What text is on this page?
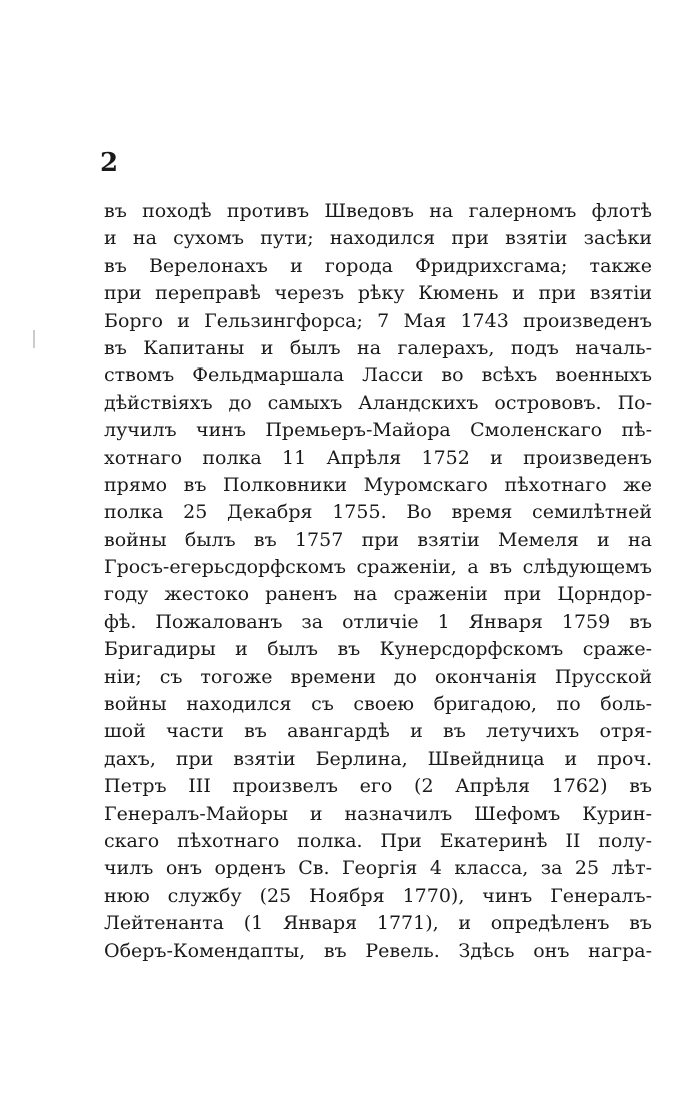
2
въ походѣ противъ Шведовъ на галерномъ флотѣ
и на сухомъ пути; находился при взятіи засѣки
въ Верелонахъ и города Фридрихсгама; также
при переправѣ черезъ рѣку Кюмень и при взятіи
Борго и Гельзингфорса; 7 Мая 1743 произведенъ
въ Капитаны и былъ на галерахъ, подъ началь-
ствомъ Фельдмаршала Ласси во всѣхъ военныхъ
дѣйствіяхъ до самыхъ Аландскихъ острововъ. По-
лучилъ чинъ Премьеръ-Майора Смоленскаго пѣ-
хотнаго полка 11 Апрѣля 1752 и произведенъ
прямо въ Полковники Муромскаго пѣхотнаго же
полка 25 Декабря 1755. Во время семилѣтней
войны былъ въ 1757 при взятіи Мемеля и на
Гросъ-егерьсдорфскомъ сраженіи, а въ слѣдующемъ
году жестоко раненъ на сраженіи при Цорндор-
фѣ. Пожалованъ за отличіе 1 Января 1759 въ
Бригадиры и былъ въ Кунерсдорфскомъ сраже-
ніи; съ тогоже времени до окончанія Прусской
войны находился съ своею бригадою, по боль-
шой части въ авангардѣ и въ летучихъ отря-
дахъ, при взятіи Берлина, Швейдница и проч.
Петръ III произвелъ его (2 Апрѣля 1762) въ
Генералъ-Майоры и назначилъ Шефомъ Курин-
скаго пѣхотнаго полка. При Екатеринѣ II полу-
чилъ онъ орденъ Св. Георгія 4 класса, за 25 лѣт-
нюю службу (25 Ноября 1770), чинъ Генералъ-
Лейтенанта (1 Января 1771), и опредѣленъ въ
Оберъ-Комендапты, въ Ревель. Здѣсь онъ награ-
